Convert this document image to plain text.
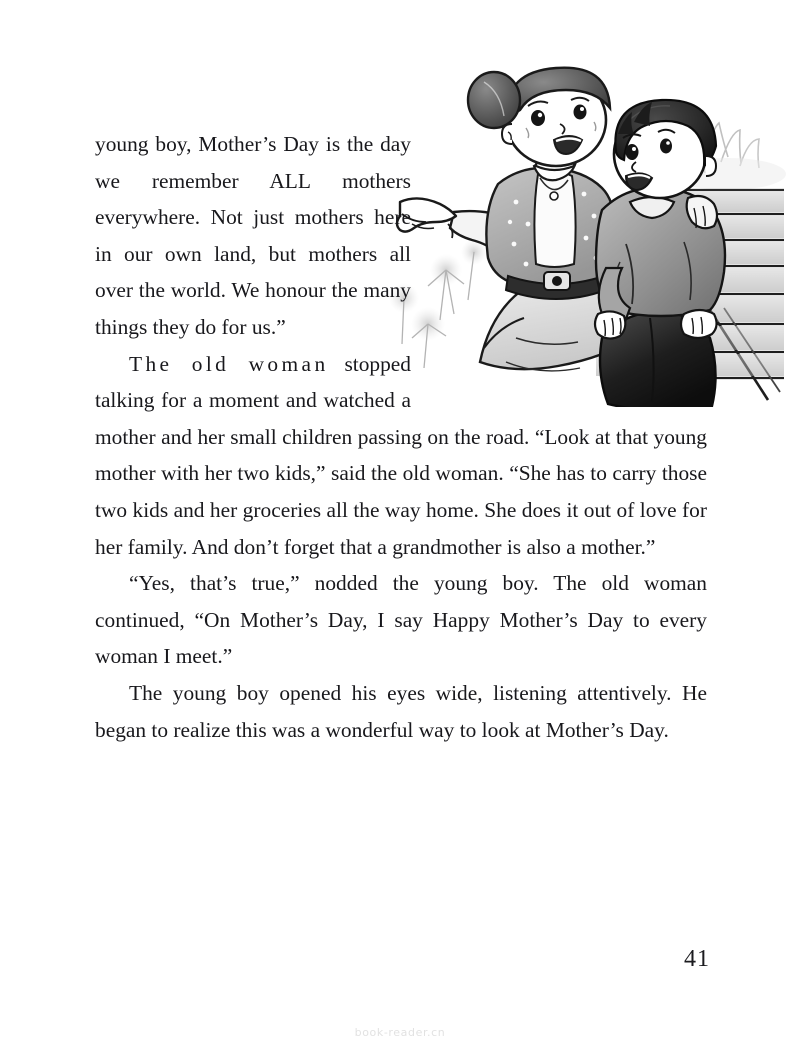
young boy, Mother’s Day is the day we remember ALL mothers everywhere. Not just mothers here in our own land, but mothers all over the world. We honour the many things they do for us.”

The old woman stopped talking for a moment and watched a mother and her small children passing on the road. “Look at that young mother with her two kids,” said the old woman. “She has to carry those two kids and her groceries all the way home. She does it out of love for her family. And don’t forget that a grandmother is also a mother.”

“Yes, that’s true,” nodded the young boy. The old woman continued, “On Mother’s Day, I say Happy Mother’s Day to every woman I meet.”

The young boy opened his eyes wide, listening attentively. He began to realize this was a wonderful way to look at Mother’s Day.

41
book-reader.cn
